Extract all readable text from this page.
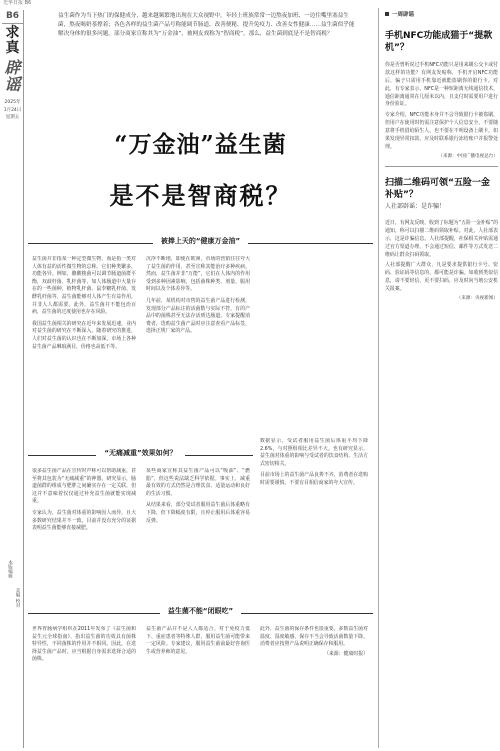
光华日报 B6
B6
求真
辟谣
2025年
1月24日
星期五
本版编辑
美编 校对
益生菌作为当下热门的保健成分，越来越频繁地出现在大众视野中。年轻上班族常常一边熬夜加班、一边往嘴里塞益生菌，熬夜喝奶茶撑着；各色各样的益生菌产品号称能调节肠道、改善便秘、提升免疫力、改善女性健康……益生菌似乎能解决身体的很多问题。部分商家宣称其为“万金油”，被网友戏称为“智商税”。那么，益生菌到底是不是智商税？
“万金油”益生菌
是不是智商税？
被捧上天的“健康万金油”

益生菌并非指某一种定型微生物，而是指一类对人体有益的活性微生物的总称。它们种类繁多，功能各异。例如，酪酸梭菌可以调节肠道菌群平衡，双歧杆菌、乳杆菌等，如人体肠道中大量存在的一些菌种，植物乳杆菌、鼠李糖乳杆菌、发酵乳杆菌等，益生菌能够对人体产生有益作用，并非人人都需要。此外，益生菌并不能包治百病，益生菌的过度使用也存在风险。

我国益生菌相关的研究在近年来发展迅速，业内对益生菌的研究在不断深入，随着研究的推进，人们对益生菌的认识也在不断加深。市场上各种益生菌产品琳琅满目，价格也高低不等。

沉浮不断地，即使在欧洲，市场的营销往往夸大了益生菌的作用，甚至宣称其能治疗多种疾病。然而，益生菌并非“万能”，它们在人体内的作用受到多种因素影响，包括菌株种类、剂量、服用时间以及个体差异等。

几年前，某机构对市售的益生菌产品进行检测，发现部分产品标注的活菌数与实际不符，有的产品中的菌株甚至无法存活到达肠道。专家提醒消费者，选购益生菌产品时应注意查看产品标签，选择正规厂家的产品。

“无痛减重”效果如何？

很多益生菌产品在宣传时声称可以帮助减重，甚至将其包装为“无痛减重”的神器。研究显示，肠道菌群的组成与肥胖之间确实存在一定关联，但这并不意味着仅仅通过补充益生菌就能实现减重。

专家认为，益生菌对体重的影响因人而异，且大多数研究结果并不一致。目前并没有充分的证据表明益生菌能够直接减肥。

某些商家宣称其益生菌产品可以“吸油”、“燃脂”，但这些说法缺乏科学依据。事实上，减重最有效的方式仍然是合理饮食、适量运动和良好的生活习惯。

从结果来看，部分受试者服用益生菌后体重略有下降，但下降幅度有限，且停止服用后体重容易反弹。

数据显示，受试者服用益生菌后体重平均下降2.6%，与对照组相比差异不大。也有研究显示，益生菌对体重的影响与受试者的饮食结构、生活方式密切相关。

目前市场上的益生菌产品良莠不齐，消费者在选购时需要谨慎，不要盲目相信商家的夸大宣传。

益生菌不能“闭眼吃”

世界胃肠病学组织在2011年发布了《益生菌和益生元全球指南》，指出益生菌的功效具有菌株特异性，不同菌株的作用并不相同。因此，在选择益生菌产品时，应当根据自身需求选择合适的菌株。

益生菌产品并不是人人都适合。对于免疫力低下、重症患者等特殊人群，服用益生菌可能带来一定风险。专家建议，服用益生菌前最好咨询医生或营养师的意见。

此外，益生菌的保存条件也很重要。多数益生菌对温度、湿度敏感，保存不当会导致活菌数量下降。消费者应按照产品说明正确保存和服用。

（来源：健康时报）

一周辟谣
手机NFC功能成猫于“提款机”？
你是否曾听说过手机NFC功能只是用来刷公交卡或付款这样的功能？有网友发帖称，手机开启NFC功能后，骗子只需用手机靠近就能盗刷你的银行卡。对此，有专家表示，NFC是一种短距离无线通信技术，通信距离通常在几厘米以内，且支付时需要用户进行身份验证。
专家介绍，NFC功能本身并不会导致银行卡被盗刷，但用户在使用时仍需注意保护个人信息安全，不要随意将手机借给陌生人，也不要在不明设备上刷卡。如果发现异常扣款，应及时联系银行冻结账户并报警处理。
（来源：中国广播电视总台）
扫描二维码可领“五险一金补贴”？
人社部辟谣：是诈骗！
近日，有网友反映，收到了标题为“五险一金补贴”的通知，称可以扫描二维码领取补贴。对此，人社部表示，这是诈骗信息。人社部提醒，社保相关补贴需通过官方渠道办理，不会通过短信、邮件等方式发送二维码让群众扫码领取。
人社部提醒广大群众，凡是要求提供银行卡号、密码、验证码等信息的，都可能是诈骗。如收到类似信息，请不要轻信，更不要扫码，应及时向当地公安机关报案。
（来源：央视新闻）
